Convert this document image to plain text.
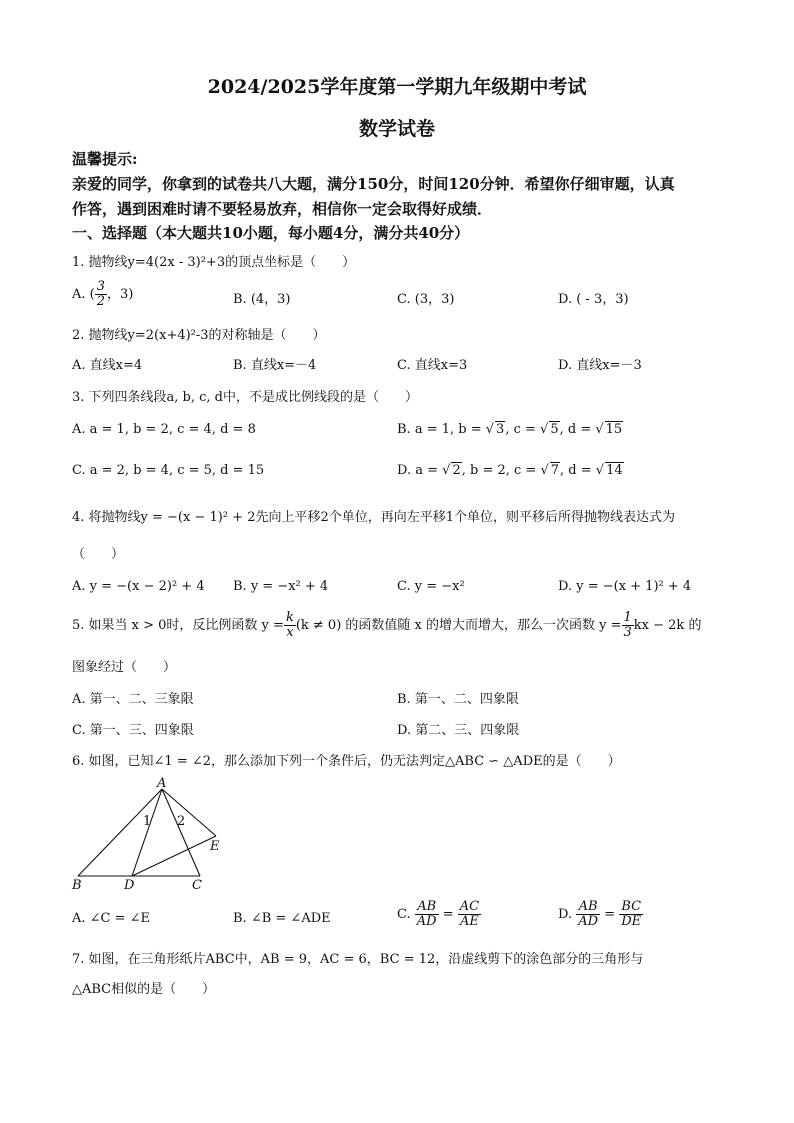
2024/2025学年度第一学期九年级期中考试
数学试卷
温馨提示:
亲爱的同学，你拿到的试卷共八大题，满分150分，时间120分钟．希望你仔细审题，认真
作答，遇到困难时请不要轻易放弃，相信你一定会取得好成绩．
一、选择题（本大题共10小题，每小题4分，满分共40分）
1. 抛物线y=4(2x - 3)²+3的顶点坐标是（　　）
A. ( $\frac{3}{2}$ ，3)	B. (4，3)	C. (3，3)	D. ( - 3，3)
2. 抛物线y=2(x+4)²-3的对称轴是（　　）
A. 直线x=4	B. 直线x=－4	C. 直线x=3	D. 直线x=－3
3. 下列四条线段a, b, c, d中，不是成比例线段的是（　　）
A. a = 1, b = 2, c = 4, d = 8	B. a = 1, b = √ 3, c = √ 5, d = √ 15
C. a = 2, b = 4, c = 5, d = 15	D. a = √ 2, b = 2, c = √ 7, d = √ 14
4. 将抛物线y = −(x − 1)² + 2先向上平移2个单位，再向左平移1个单位，则平移后所得抛物线表达式为
（　　）
A. y = −(x − 2)² + 4 B. y = −x² + 4	C. y = −x²	D. y = −(x + 1)² + 4
5. 如果当 x > 0时，反比例函数 $y = \frac{k}{x} (k \ne 0)$ 的函数值随 x 的增大而增大，那么一次函数 $y = \frac{1}{3}$ kx − 2k 的
图象经过（　　）
A. 第一、二、三象限	B. 第一、二、四象限
C. 第一、三、四象限	D. 第二、三、四象限
6. 如图，已知∠1 = ∠2，那么添加下列一个条件后，仍无法判定△ABC ∽ △ADE的是（　　）
A
B	D	C
E
1 2
A. ∠C = ∠E	B. ∠B = ∠ADE	C. $\frac{AB}{AD} = \frac{AC}{AE}$	D. $\frac{AB}{AD} = \frac{BC}{DE}$
7. 如图，在三角形纸片ABC中，AB = 9，AC = 6，BC = 12，沿虚线剪下的涂色部分的三角形与
△ABC相似的是（　　）
